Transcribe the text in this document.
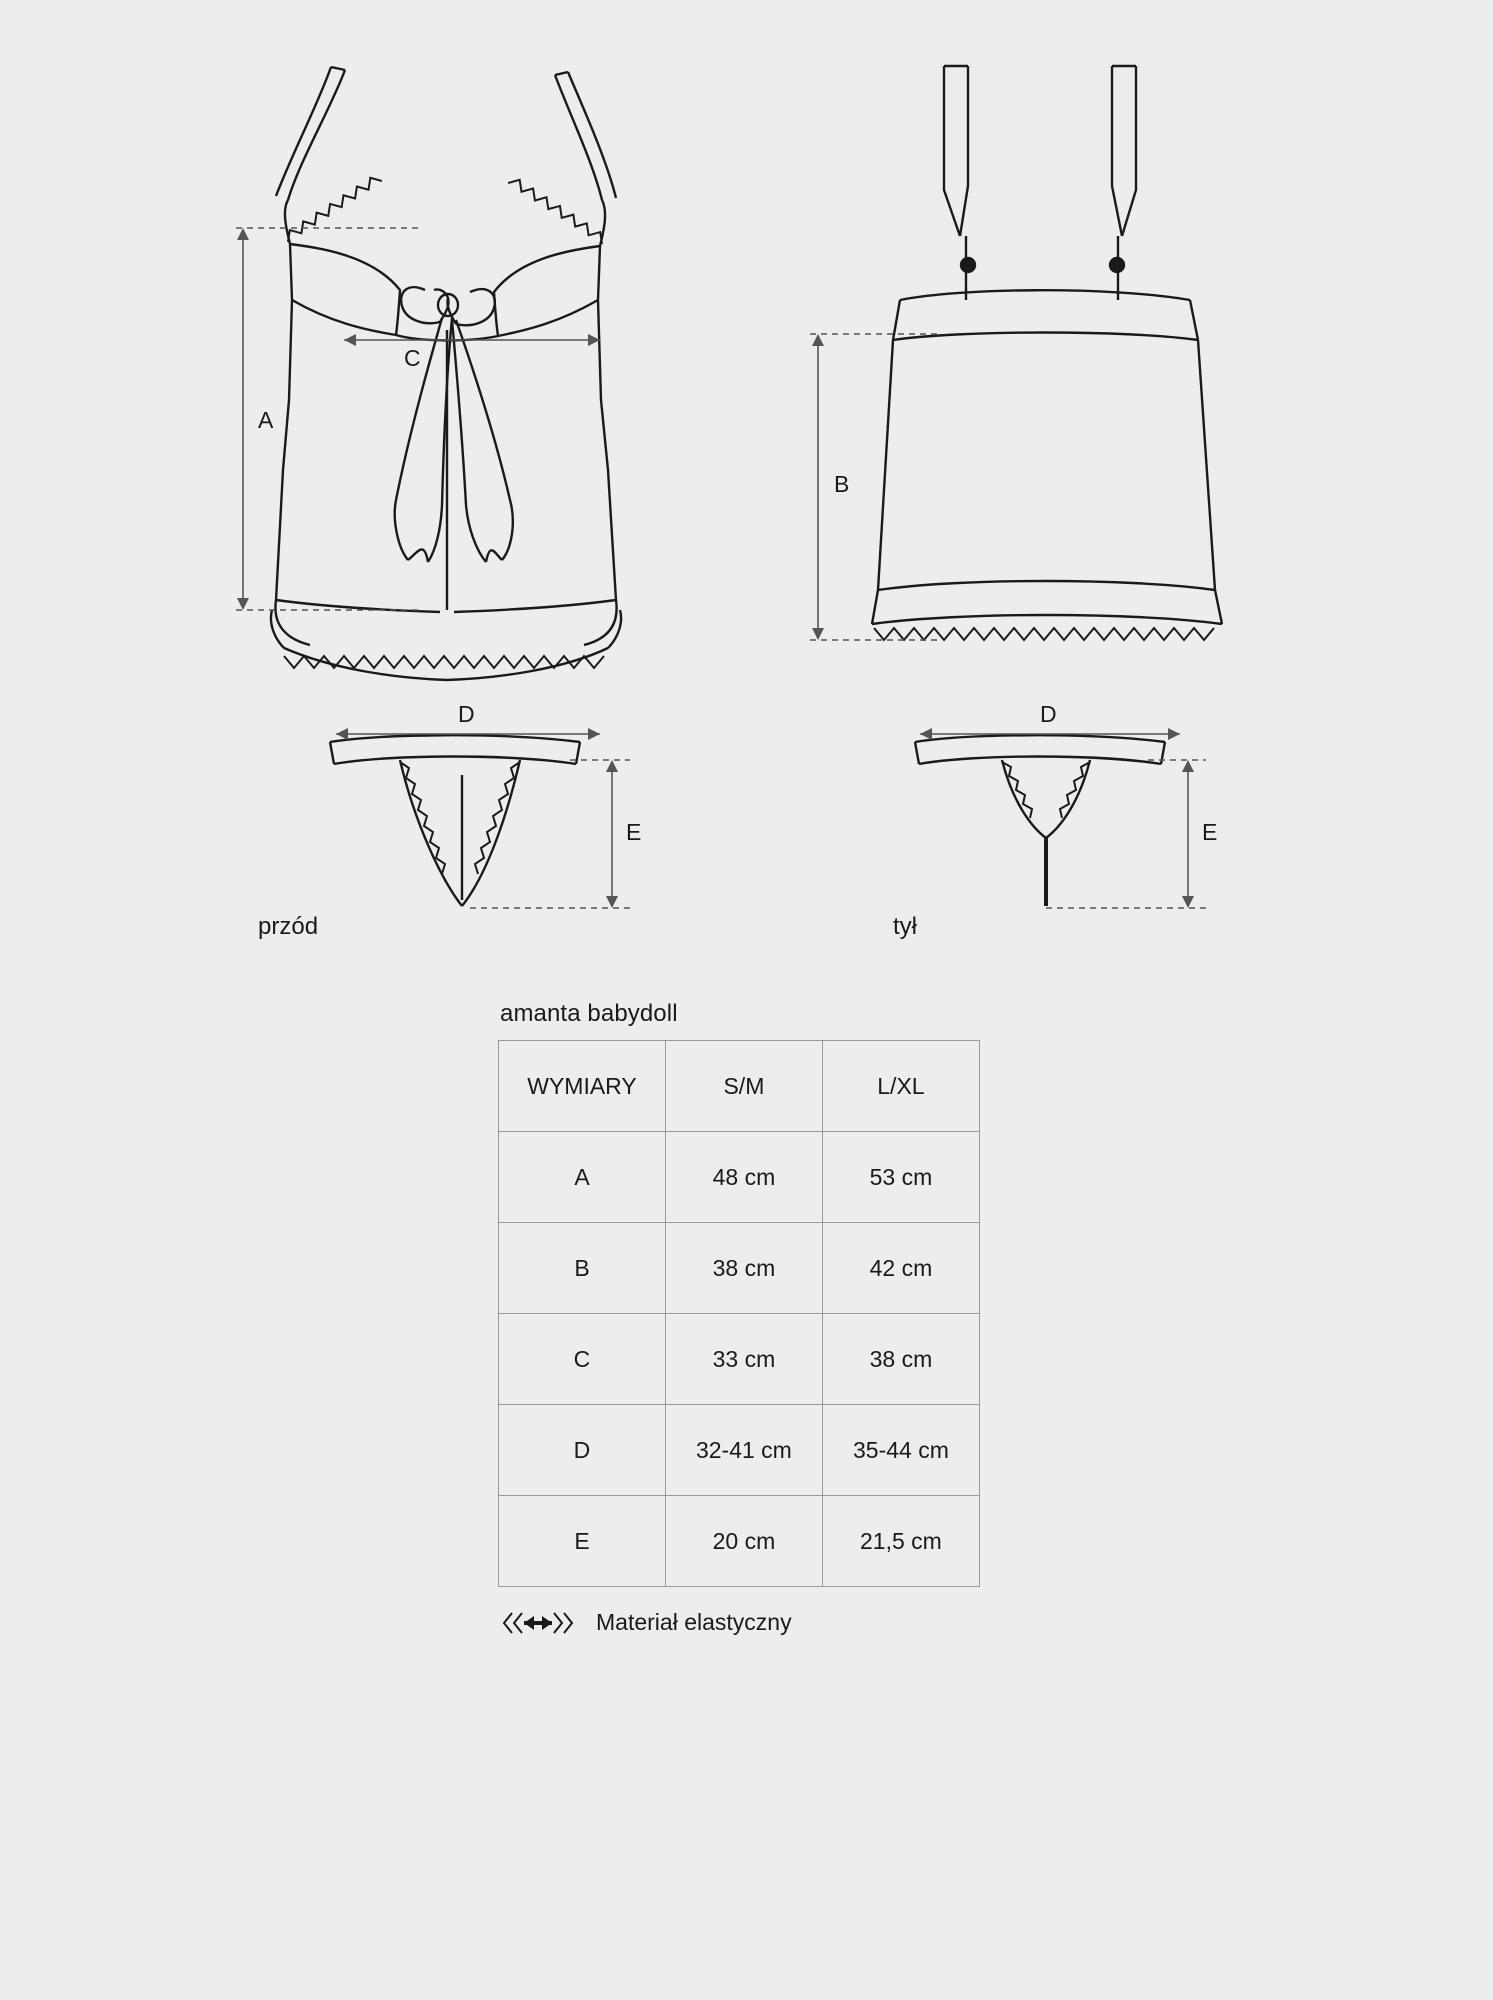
A
C
B
D
E
przód
D
E
tył
amanta babydoll
WYMIARY	S/M	L/XL
A	48 cm	53 cm
B	38 cm	42 cm
C	33 cm	38 cm
D	32-41 cm	35-44 cm
E	20 cm	21,5 cm
Materiał elastyczny
